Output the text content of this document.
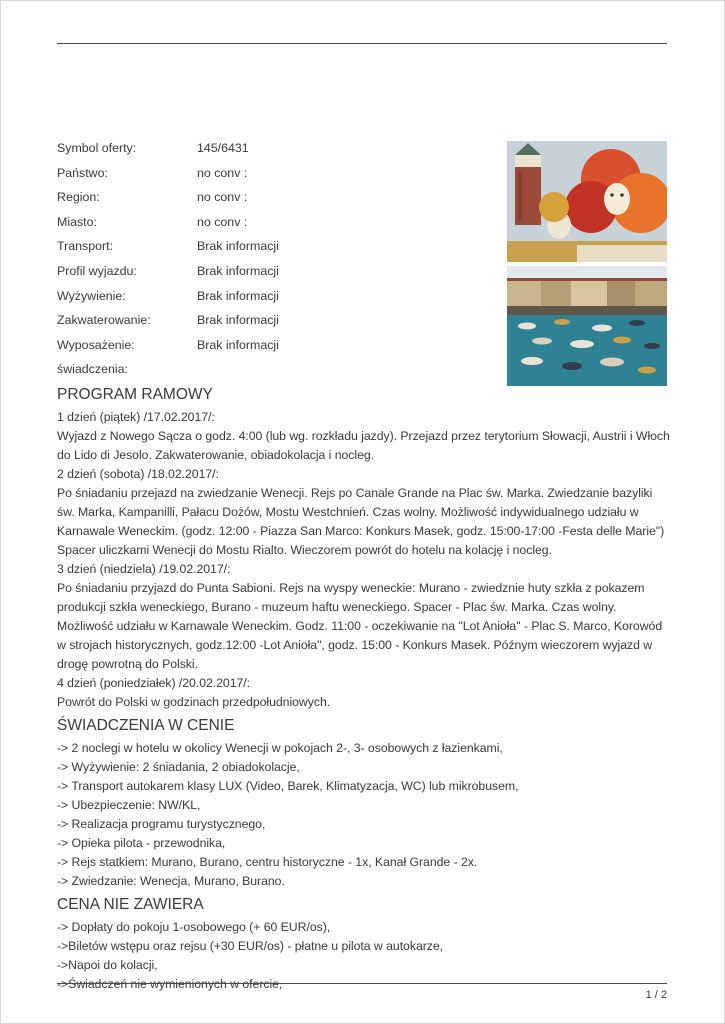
Symbol oferty:	145/6431
Państwo:	no conv :
Region:	no conv :
Miasto:	no conv :
Transport:	Brak informacji
Profil wyjazdu:	Brak informacji
Wyżywienie:	Brak informacji
Zakwaterowanie:	Brak informacji
Wyposażenie:	Brak informacji
świadczenia:
PROGRAM RAMOWY

1 dzień (piątek) /17.02.2017/:

Wyjazd z Nowego Sącza o godz. 4:00 (lub wg. rozkładu jazdy). Przejazd przez terytorium Słowacji, Austrii i Włoch do Lido di Jesolo. Zakwaterowanie, obiadokolacja i nocleg.

2 dzień (sobota) /18.02.2017/:

Po śniadaniu przejazd na zwiedzanie Wenecji. Rejs po Canale Grande na Plac św. Marka. Zwiedzanie bazyliki św. Marka, Kampanilli, Pałacu Dożów, Mostu Westchnień. Czas wolny. Możliwość indywidualnego udziału w Karnawale Weneckim. (godz. 12:00 - Piazza San Marco: Konkurs Masek, godz. 15:00-17:00 -Festa delle Marie") Spacer uliczkami Wenecji do Mostu Rialto. Wieczorem powrót do hotelu na kolację i nocleg.

3 dzień (niedziela) /19.02.2017/:

Po śniadaniu przyjazd do Punta Sabioni. Rejs na wyspy weneckie: Murano - zwiedznie huty szkła z pokazem produkcji szkła weneckiego, Burano - muzeum haftu weneckiego. Spacer - Plac św. Marka. Czas wolny. Możliwość udziału w Karnawale Weneckim. Godz. 11:00 - oczekiwanie na "Lot Anioła" - Plac S. Marco, Korowód w strojach historycznych, godz.12:00 -Lot Anioła", godz. 15:00 - Konkurs Masek. Późnym wieczorem wyjazd w drogę powrotną do Polski.

4 dzień (poniedziałek) /20.02.2017/:

Powrót do Polski w godzinach przedpołudniowych.

ŚWIADCZENIA W CENIE

-> 2 noclegi w hotelu w okolicy Wenecji w pokojach 2-, 3- osobowych z łazienkami,

-> Wyżywienie: 2 śniadania, 2 obiadokolacje,

-> Transport autokarem klasy LUX (Video, Barek, Klimatyzacja, WC) lub mikrobusem,

-> Ubezpieczenie: NW/KL,

-> Realizacja programu turystycznego,

-> Opieka pilota - przewodnika,

-> Rejs statkiem: Murano, Burano, centru historyczne - 1x, Kanał Grande - 2x.

-> Zwiedzanie: Wenecja, Murano, Burano.

CENA NIE ZAWIERA

-> Dopłaty do pokoju 1-osobowego (+ 60 EUR/os),

->Biletów wstępu oraz rejsu (+30 EUR/os) - płatne u pilota w autokarze,

->Napoi do kolacji,

->Świadczeń nie wymienionych w ofercie,

1 / 2
